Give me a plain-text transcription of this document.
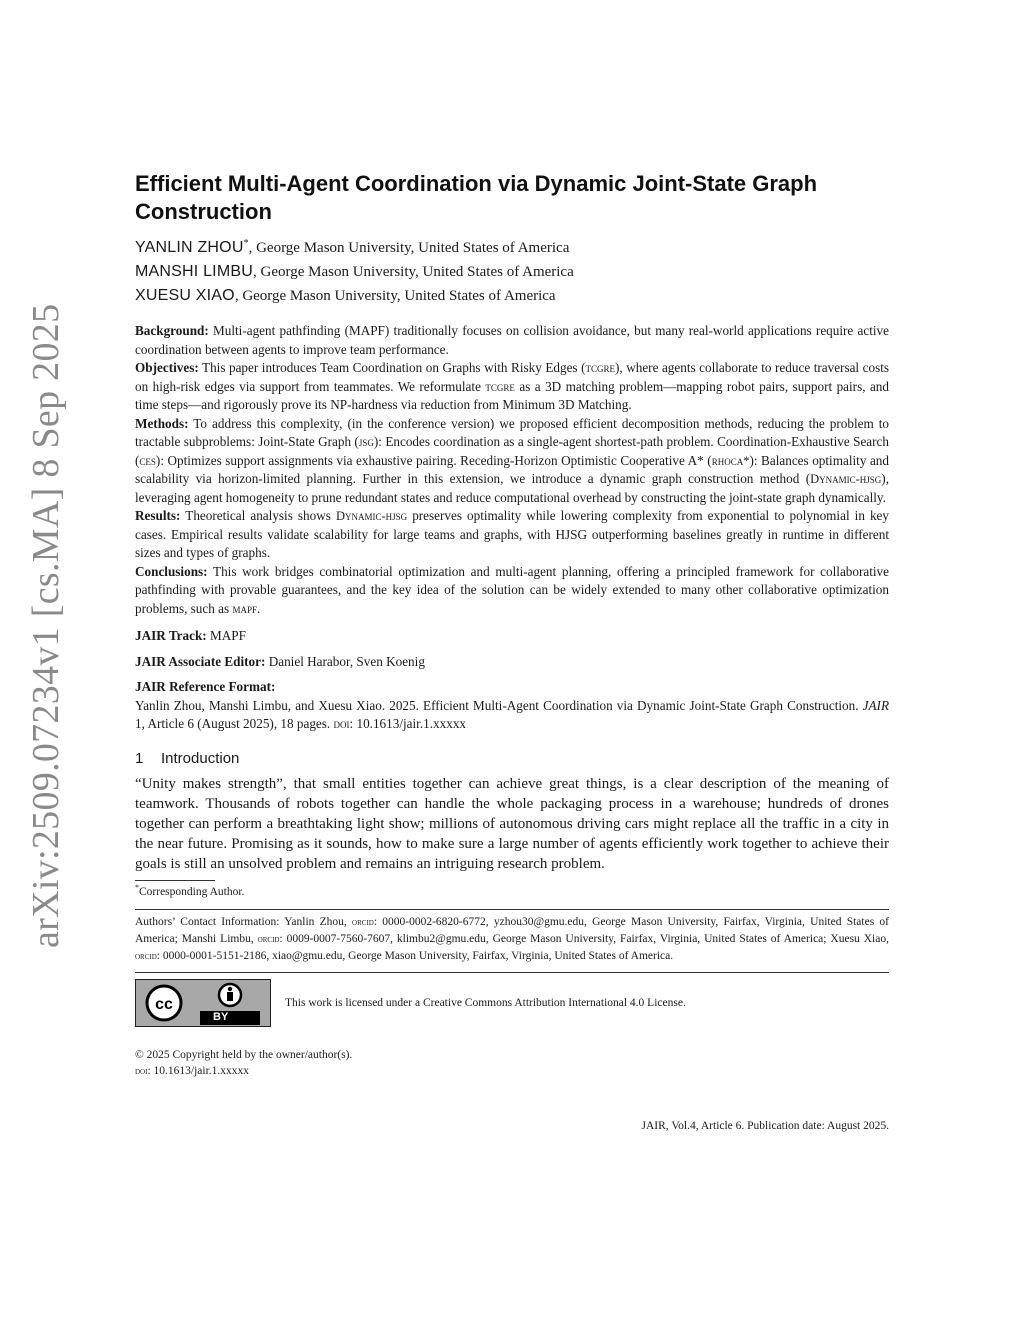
arXiv:2509.07234v1 [cs.MA] 8 Sep 2025
Efficient Multi-Agent Coordination via Dynamic Joint-State Graph Construction
YANLIN ZHOU*, George Mason University, United States of America
MANSHI LIMBU, George Mason University, United States of America
XUESU XIAO, George Mason University, United States of America

Background: Multi-agent pathfinding (MAPF) traditionally focuses on collision avoidance, but many real-world applications require active coordination between agents to improve team performance.

Objectives: This paper introduces Team Coordination on Graphs with Risky Edges (tcgre), where agents collaborate to reduce traversal costs on high-risk edges via support from teammates. We reformulate tcgre as a 3D matching problem—mapping robot pairs, support pairs, and time steps—and rigorously prove its NP-hardness via reduction from Minimum 3D Matching.

Methods: To address this complexity, (in the conference version) we proposed efficient decomposition methods, reducing the problem to tractable subproblems: Joint-State Graph (jsg): Encodes coordination as a single-agent shortest-path problem. Coordination-Exhaustive Search (ces): Optimizes support assignments via exhaustive pairing. Receding-Horizon Optimistic Cooperative A* (rhoca*): Balances optimality and scalability via horizon-limited planning. Further in this extension, we introduce a dynamic graph construction method (Dynamic-hjsg), leveraging agent homogeneity to prune redundant states and reduce computational overhead by constructing the joint-state graph dynamically.

Results: Theoretical analysis shows Dynamic-hjsg preserves optimality while lowering complexity from exponential to polynomial in key cases. Empirical results validate scalability for large teams and graphs, with HJSG outperforming baselines greatly in runtime in different sizes and types of graphs.

Conclusions: This work bridges combinatorial optimization and multi-agent planning, offering a principled framework for collaborative pathfinding with provable guarantees, and the key idea of the solution can be widely extended to many other collaborative optimization problems, such as mapf.

JAIR Track: MAPF
JAIR Associate Editor: Daniel Harabor, Sven Koenig
JAIR Reference Format:
Yanlin Zhou, Manshi Limbu, and Xuesu Xiao. 2025. Efficient Multi-Agent Coordination via Dynamic Joint-State Graph Construction. JAIR 1, Article 6 (August 2025), 18 pages. doi: 10.1613/jair.1.xxxxx
1 Introduction

“Unity makes strength”, that small entities together can achieve great things, is a clear description of the meaning of teamwork. Thousands of robots together can handle the whole packaging process in a warehouse; hundreds of drones together can perform a breathtaking light show; millions of autonomous driving cars might replace all the traffic in a city in the near future. Promising as it sounds, how to make sure a large number of agents efficiently work together to achieve their goals is still an unsolved problem and remains an intriguing research problem.

*Corresponding Author.
Authors’ Contact Information: Yanlin Zhou, orcid: 0000-0002-6820-6772, yzhou30@gmu.edu, George Mason University, Fairfax, Virginia, United States of America; Manshi Limbu, orcid: 0009-0007-7560-7607, klimbu2@gmu.edu, George Mason University, Fairfax, Virginia, United States of America; Xuesu Xiao, orcid: 0000-0001-5151-2186, xiao@gmu.edu, George Mason University, Fairfax, Virginia, United States of America.
cc
BY
This work is licensed under a Creative Commons Attribution International 4.0 License.
© 2025 Copyright held by the owner/author(s).
doi: 10.1613/jair.1.xxxxx
JAIR, Vol.4, Article 6. Publication date: August 2025.
